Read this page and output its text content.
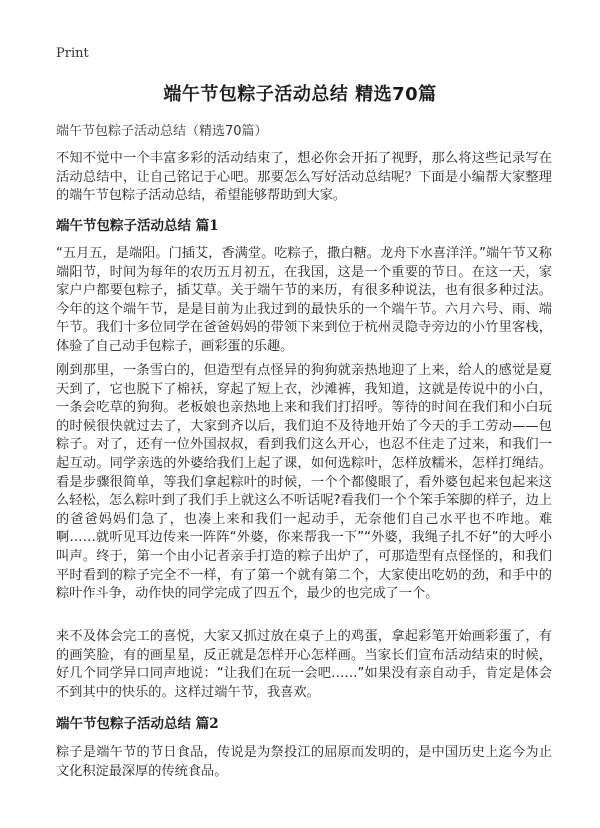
Print
端午节包粽子活动总结 精选70篇
端午节包粽子活动总结（精选70篇）

不知不觉中一个丰富多彩的活动结束了，想必你会开拓了视野，那么将这些记录写在活动总结中，让自己铭记于心吧。那要怎么写好活动总结呢？下面是小编帮大家整理的端午节包粽子活动总结，希望能够帮助到大家。

端午节包粽子活动总结 篇1

“五月五，是端阳。门插艾，香满堂。吃粽子，撒白糖。龙舟下水喜洋洋。”端午节又称端阳节，时间为每年的农历五月初五，在我国，这是一个重要的节日。在这一天，家家户户都要包粽子，插艾草。关于端午节的来历，有很多种说法，也有很多种过法。今年的这个端午节，是是目前为止我过到的最快乐的一个端午节。六月六号、雨、端午节。我们十多位同学在爸爸妈妈的带领下来到位于杭州灵隐寺旁边的小竹里客栈，体验了自己动手包粽子，画彩蛋的乐趣。

刚到那里，一条雪白的，但造型有点怪异的狗狗就亲热地迎了上来，给人的感觉是夏天到了，它也脱下了棉袄，穿起了短上衣，沙滩裤，我知道，这就是传说中的小白，一条会吃草的狗狗。老板娘也亲热地上来和我们打招呼。等待的时间在我们和小白玩的时候很快就过去了，大家到齐以后，我们迫不及待地开始了今天的手工劳动——包粽子。对了，还有一位外国叔叔，看到我们这么开心，也忍不住走了过来，和我们一起互动。同学亲选的外婆给我们上起了课，如何选粽叶，怎样放糯米，怎样打绳结。看是步骤很简单，等我们拿起粽叶的时候，一个个都傻眼了，看外婆包起来包起来这么轻松，怎么粽叶到了我们手上就这么不听话呢?看我们一个个笨手笨脚的样子，边上的爸爸妈妈们急了，也凑上来和我们一起动手，无奈他们自己水平也不咋地。难啊……就听见耳边传来一阵阵“外婆，你来帮我一下”“外婆，我绳子扎不好”的大呼小叫声。终于，第一个由小记者亲手打造的粽子出炉了，可那造型有点怪怪的，和我们平时看到的粽子完全不一样，有了第一个就有第二个，大家使出吃奶的劲，和手中的粽叶作斗争，动作快的同学完成了四五个，最少的也完成了一个。

来不及体会完工的喜悦，大家又抓过放在桌子上的鸡蛋，拿起彩笔开始画彩蛋了，有的画笑脸，有的画星星，反正就是怎样开心怎样画。当家长们宣布活动结束的时候，好几个同学异口同声地说：“让我们在玩一会吧……”如果没有亲自动手，肯定是体会不到其中的快乐的。这样过端午节，我喜欢。

端午节包粽子活动总结 篇2

粽子是端午节的节日食品，传说是为祭投江的屈原而发明的，是中国历史上迄今为止文化积淀最深厚的传统食品。
